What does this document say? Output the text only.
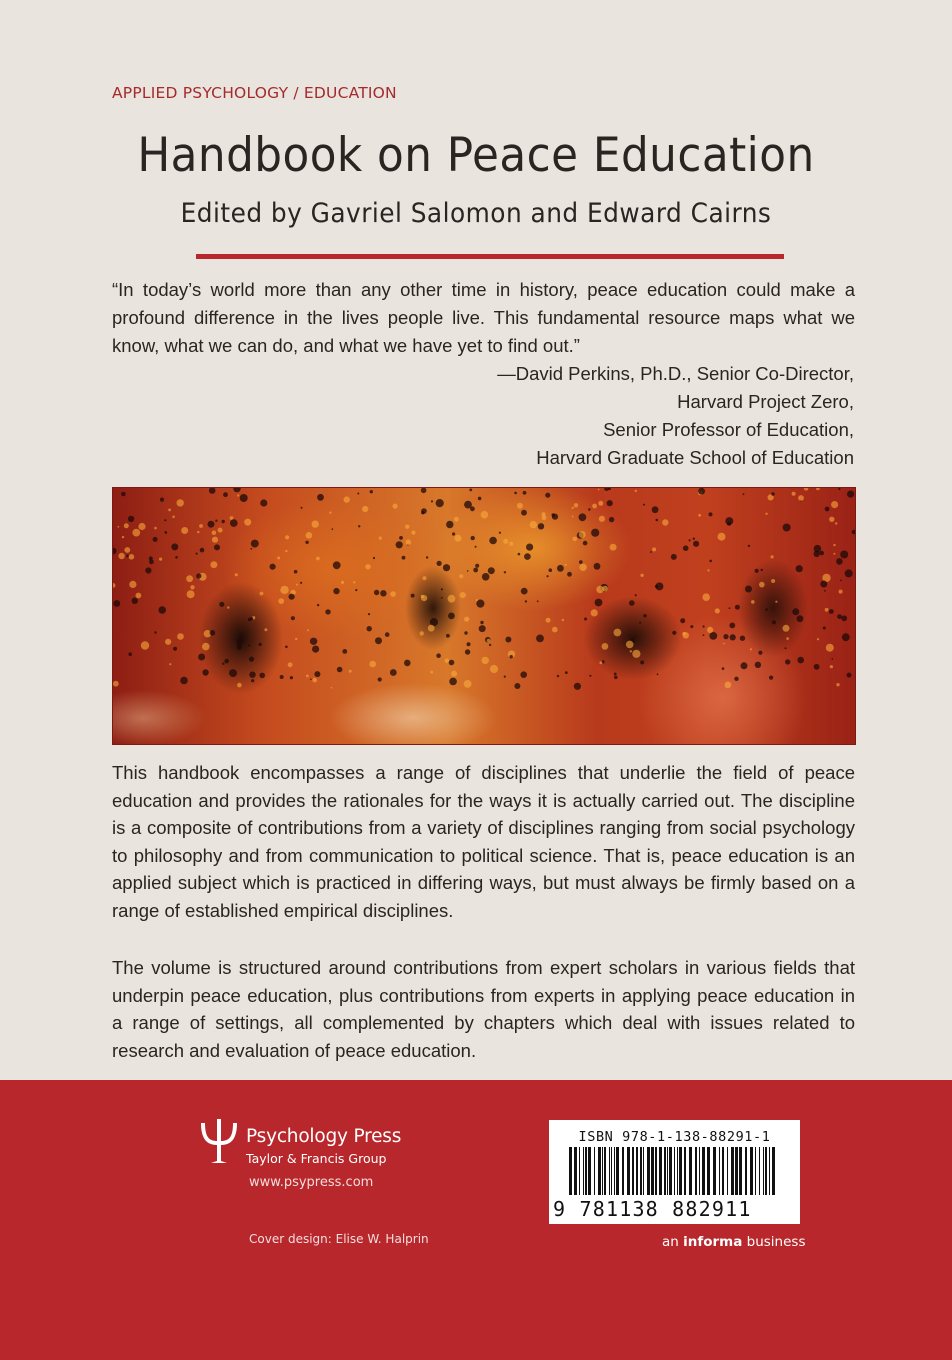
APPLIED PSYCHOLOGY / EDUCATION
Handbook on Peace Education
Edited by Gavriel Salomon and Edward Cairns
“In today’s world more than any other time in history, peace education could make a profound difference in the lives people live. This fundamental resource maps what we know, what we can do, and what we have yet to find out.”
—David Perkins, Ph.D., Senior Co-Director,
Harvard Project Zero,
Senior Professor of Education,
Harvard Graduate School of Education

This handbook encompasses a range of disciplines that underlie the field of peace education and provides the rationales for the ways it is actually carried out. The discipline is a composite of contributions from a variety of disciplines ranging from social psychology to philosophy and from communication to political science. That is, peace education is an applied subject which is practiced in differing ways, but must always be firmly based on a range of established empirical disciplines.

The volume is structured around contributions from expert scholars in various fields that underpin peace education, plus contributions from experts in applying peace education in a range of settings, all complemented by chapters which deal with issues related to research and evaluation of peace education.

Psychology Press
Taylor & Francis Group
www.psypress.com
Cover design: Elise W. Halprin
ISBN 978-1-138-88291-1
9 781138 882911
an informa business
